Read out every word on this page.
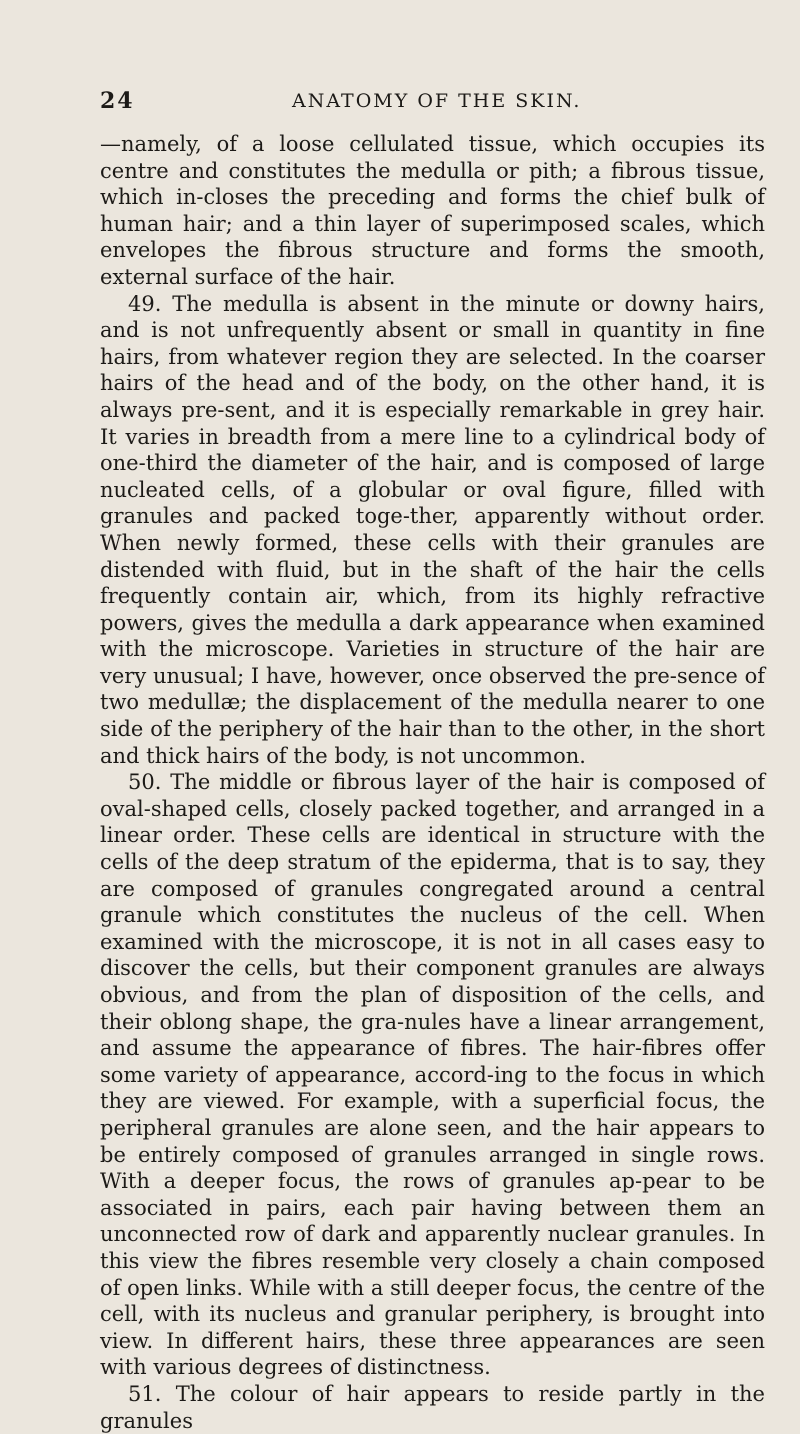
24	ANATOMY OF THE SKIN.

—namely, of a loose cellulated tissue, which occupies its centre and constitutes the medulla or pith; a fibrous tissue, which in-closes the preceding and forms the chief bulk of human hair; and a thin layer of superimposed scales, which envelopes the fibrous structure and forms the smooth, external surface of the hair.

49. The medulla is absent in the minute or downy hairs, and is not unfrequently absent or small in quantity in fine hairs, from whatever region they are selected. In the coarser hairs of the head and of the body, on the other hand, it is always pre-sent, and it is especially remarkable in grey hair. It varies in breadth from a mere line to a cylindrical body of one-third the diameter of the hair, and is composed of large nucleated cells, of a globular or oval figure, filled with granules and packed toge-ther, apparently without order. When newly formed, these cells with their granules are distended with fluid, but in the shaft of the hair the cells frequently contain air, which, from its highly refractive powers, gives the medulla a dark appearance when examined with the microscope. Varieties in structure of the hair are very unusual; I have, however, once observed the pre-sence of two medullæ; the displacement of the medulla nearer to one side of the periphery of the hair than to the other, in the short and thick hairs of the body, is not uncommon.

50. The middle or fibrous layer of the hair is composed of oval-shaped cells, closely packed together, and arranged in a linear order. These cells are identical in structure with the cells of the deep stratum of the epiderma, that is to say, they are composed of granules congregated around a central granule which constitutes the nucleus of the cell. When examined with the microscope, it is not in all cases easy to discover the cells, but their component granules are always obvious, and from the plan of disposition of the cells, and their oblong shape, the gra-nules have a linear arrangement, and assume the appearance of fibres. The hair-fibres offer some variety of appearance, accord-ing to the focus in which they are viewed. For example, with a superficial focus, the peripheral granules are alone seen, and the hair appears to be entirely composed of granules arranged in single rows. With a deeper focus, the rows of granules ap-pear to be associated in pairs, each pair having between them an unconnected row of dark and apparently nuclear granules. In this view the fibres resemble very closely a chain composed of open links. While with a still deeper focus, the centre of the cell, with its nucleus and granular periphery, is brought into view. In different hairs, these three appearances are seen with various degrees of distinctness.

51. The colour of hair appears to reside partly in the granules
